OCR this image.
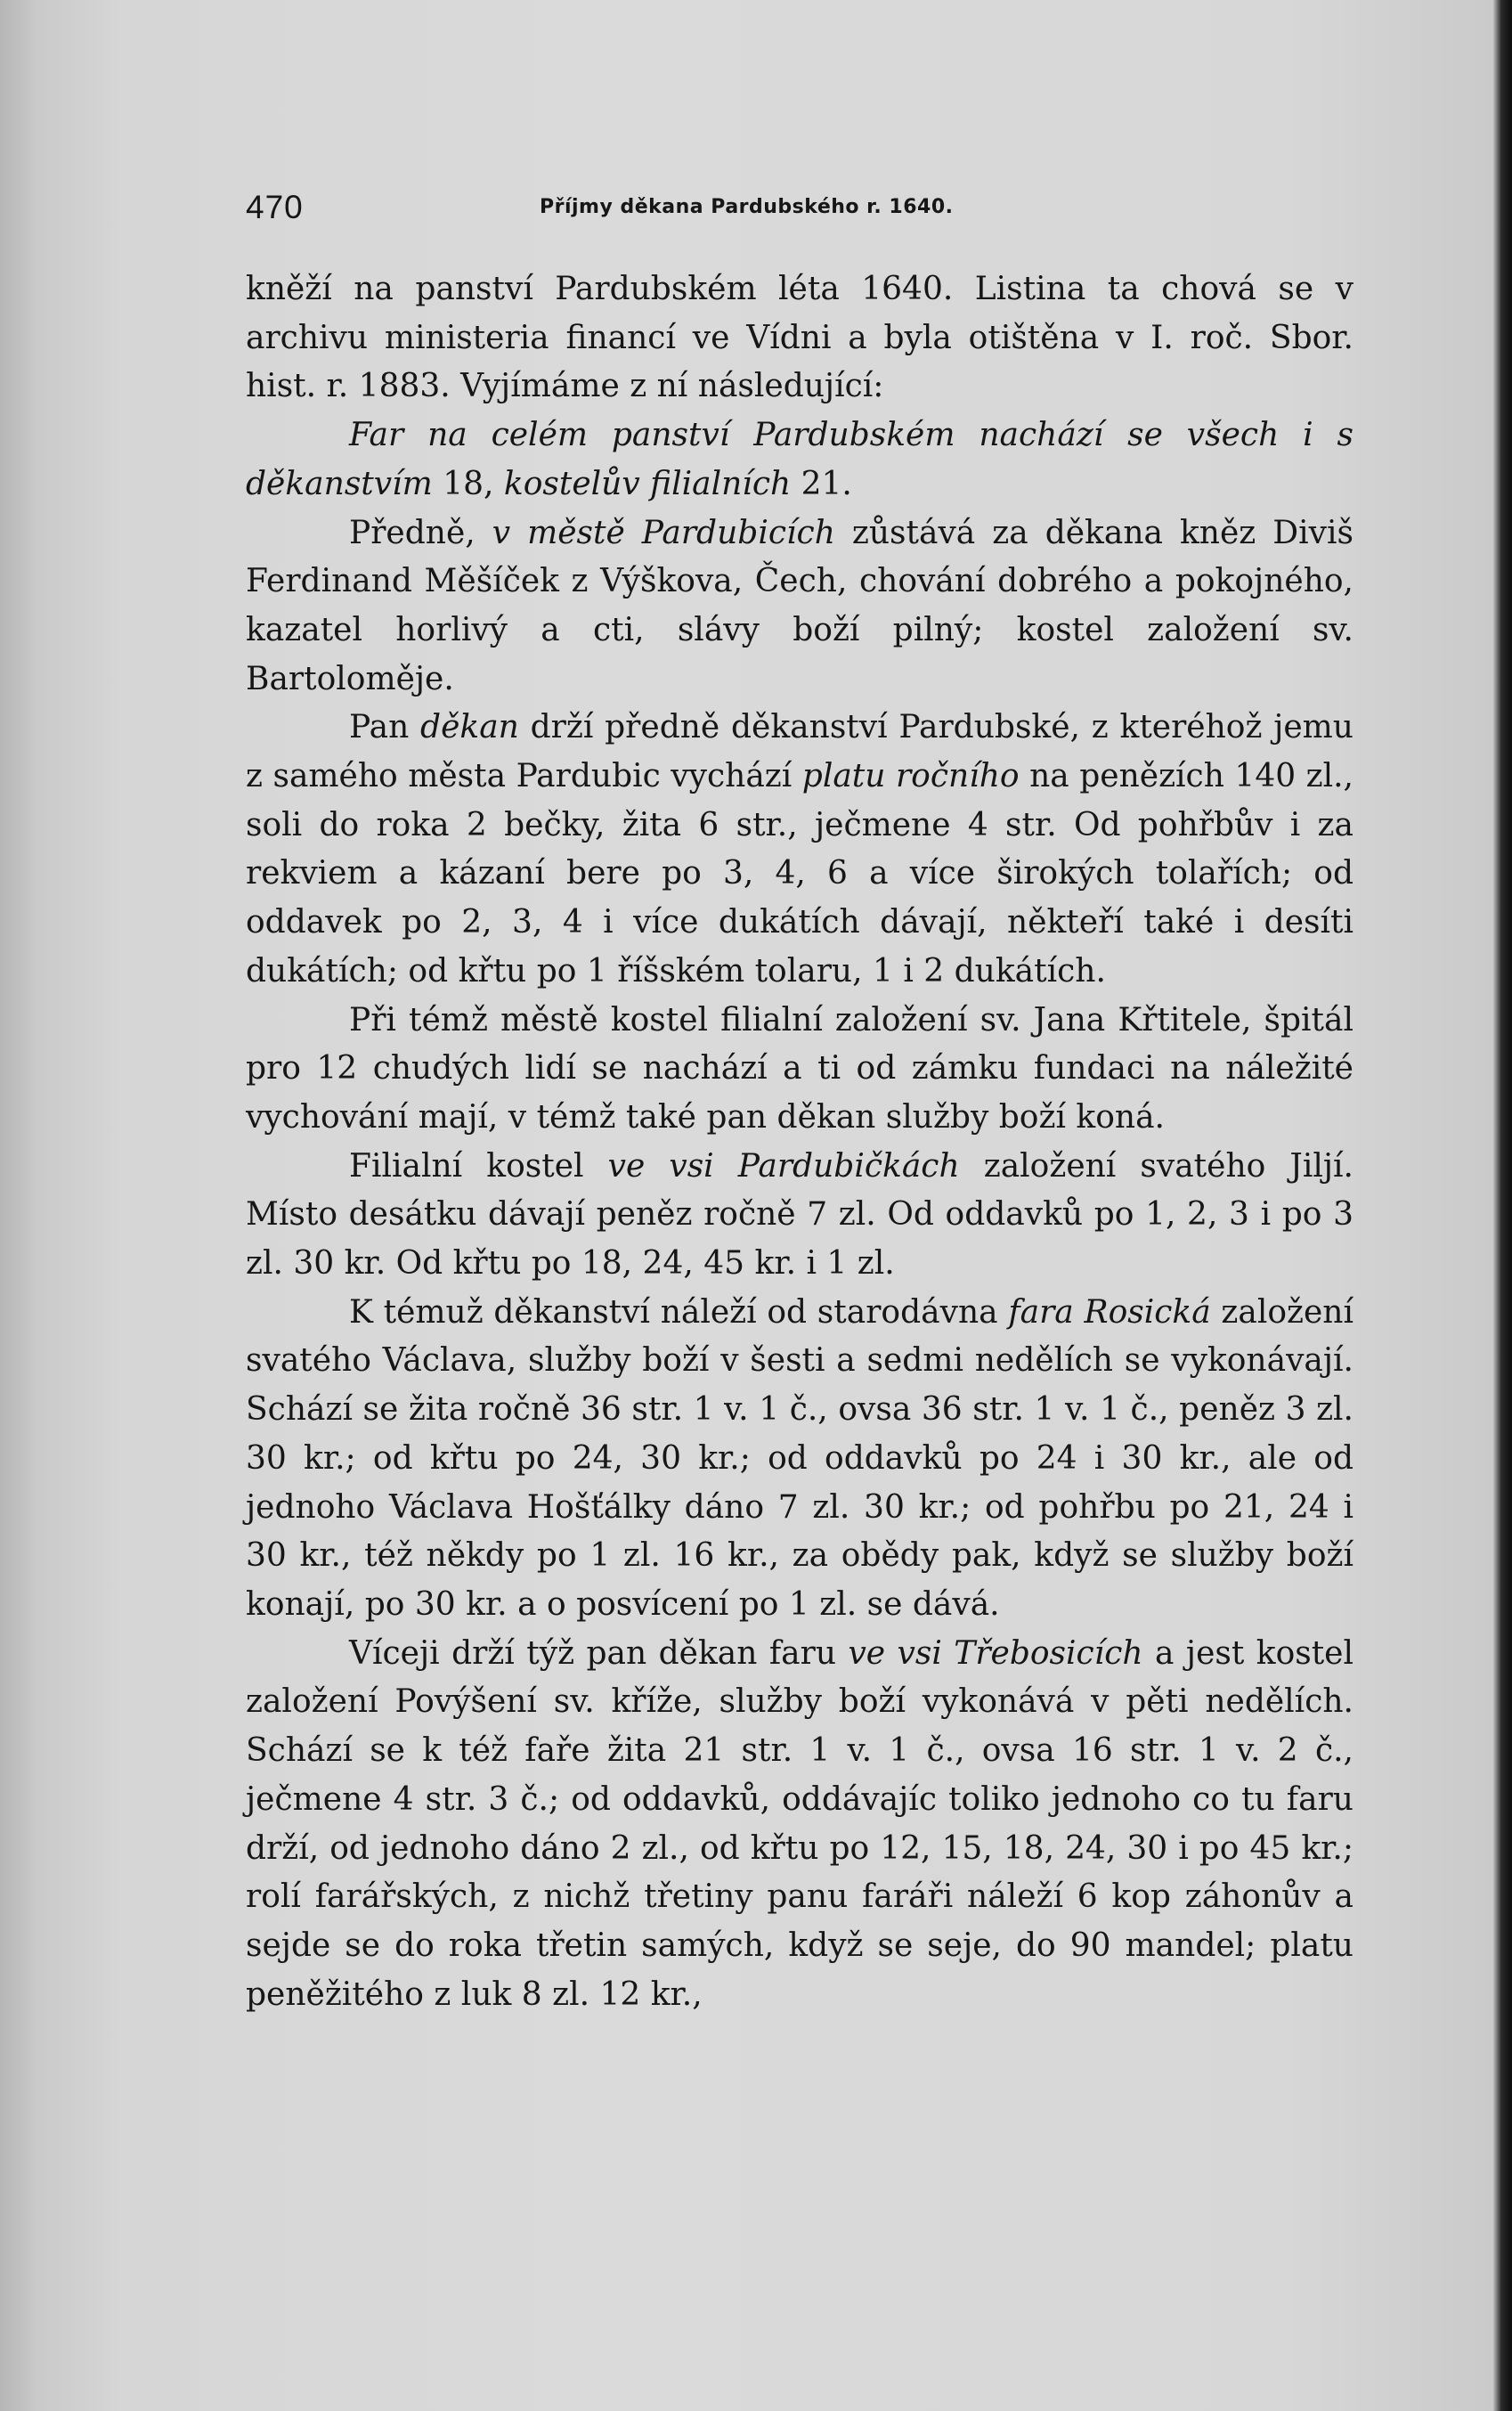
470	Příjmy děkana Pardubského r. 1640.

kněží na panství Pardubském léta 1640. Listina ta chová se v archivu ministeria financí ve Vídni a byla otištěna v I. roč. Sbor. hist. r. 1883. Vyjímáme z ní následující:

Far na celém panství Pardubském nachází se všech i s děkanstvím 18, kostelův filialních 21.

Předně, v městě Pardubicích zůstává za děkana kněz Diviš Ferdinand Měšíček z Výškova, Čech, chování dobrého a pokojného, kazatel horlivý a cti, slávy boží pilný; kostel založení sv. Bartoloměje.

Pan děkan drží předně děkanství Pardubské, z kteréhož jemu z samého města Pardubic vychází platu ročního na penězích 140 zl., soli do roka 2 bečky, žita 6 str., ječmene 4 str. Od pohřbův i za rekviem a kázaní bere po 3, 4, 6 a více širokých tolařích; od oddavek po 2, 3, 4 i více dukátích dávají, někteří také i desíti dukátích; od křtu po 1 říšském tolaru, 1 i 2 dukátích.

Při témž městě kostel filialní založení sv. Jana Křtitele, špitál pro 12 chudých lidí se nachází a ti od zámku fundaci na náležité vychování mají, v témž také pan děkan služby boží koná.

Filialní kostel ve vsi Pardubičkách založení svatého Jiljí. Místo desátku dávají peněz ročně 7 zl. Od oddavků po 1, 2, 3 i po 3 zl. 30 kr. Od křtu po 18, 24, 45 kr. i 1 zl.

K témuž děkanství náleží od starodávna fara Rosická založení svatého Václava, služby boží v šesti a sedmi nedělích se vykonávají. Schází se žita ročně 36 str. 1 v. 1 č., ovsa 36 str. 1 v. 1 č., peněz 3 zl. 30 kr.; od křtu po 24, 30 kr.; od oddavků po 24 i 30 kr., ale od jednoho Václava Hošťálky dáno 7 zl. 30 kr.; od pohřbu po 21, 24 i 30 kr., též někdy po 1 zl. 16 kr., za obědy pak, když se služby boží konají, po 30 kr. a o posvícení po 1 zl. se dává.

Víceji drží týž pan děkan faru ve vsi Třebosicích a jest kostel založení Povýšení sv. kříže, služby boží vykonává v pěti nedělích. Schází se k též faře žita 21 str. 1 v. 1 č., ovsa 16 str. 1 v. 2 č., ječmene 4 str. 3 č.; od oddavků, oddávajíc toliko jednoho co tu faru drží, od jednoho dáno 2 zl., od křtu po 12, 15, 18, 24, 30 i po 45 kr.; rolí farářských, z nichž třetiny panu faráři náleží 6 kop záhonův a sejde se do roka třetin samých, když se seje, do 90 mandel; platu peněžitého z luk 8 zl. 12 kr.,
